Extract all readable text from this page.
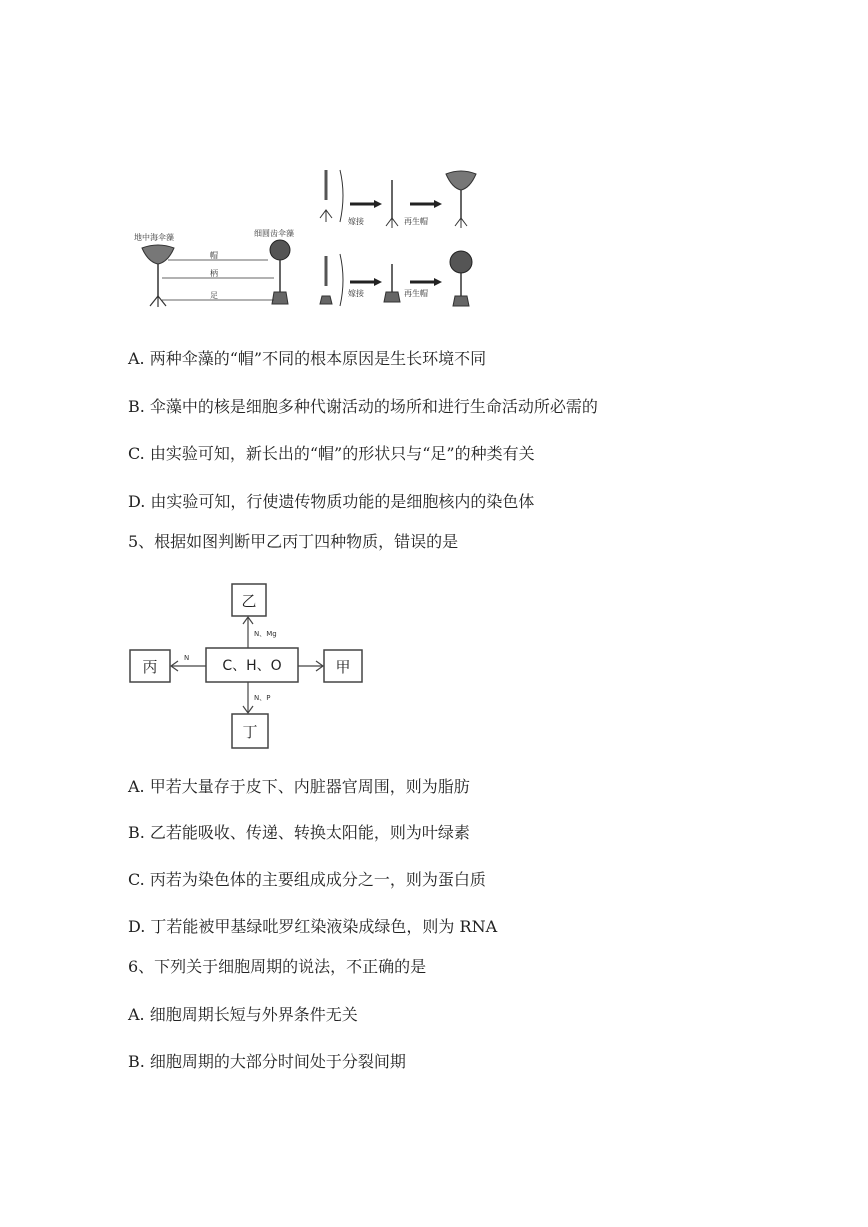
地中海伞藻	细圆齿伞藻
帽
柄
足
嫁接	再生帽
嫁接	再生帽
A. 两种伞藻的“帽”不同的根本原因是生长环境不同
B. 伞藻中的核是细胞多种代谢活动的场所和进行生命活动所必需的
C. 由实验可知，新长出的“帽”的形状只与“足”的种类有关
D. 由实验可知，行使遗传物质功能的是细胞核内的染色体
5、根据如图判断甲乙丙丁四种物质，错误的是
乙
C、H、O
丙	甲
丁
N、Mg
N
N、P
A. 甲若大量存于皮下、内脏器官周围，则为脂肪
B. 乙若能吸收、传递、转换太阳能，则为叶绿素
C. 丙若为染色体的主要组成成分之一，则为蛋白质
D. 丁若能被甲基绿吡罗红染液染成绿色，则为 RNA
6、下列关于细胞周期的说法，不正确的是
A. 细胞周期长短与外界条件无关
B. 细胞周期的大部分时间处于分裂间期
